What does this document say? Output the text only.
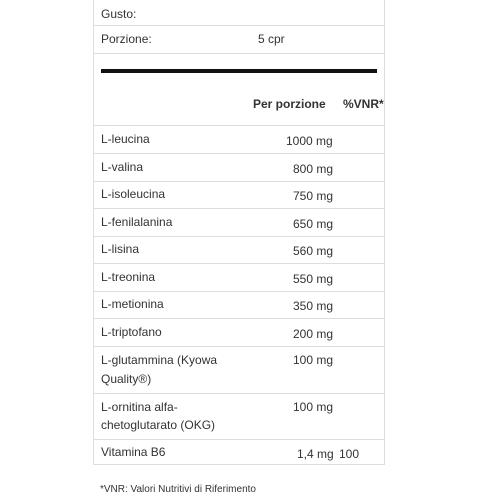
Gusto:
Porzione:	5 cpr
Per porzione %VNR*
L-leucina	1000 mg
L-valina	800 mg
L-isoleucina	750 mg
L-fenilalanina	650 mg
L-lisina	560 mg
L-treonina	550 mg
L-metionina	350 mg
L-triptofano	200 mg
L-glutammina (Kyowa
Quality®)
100 mg
L-ornitina alfa-
chetoglutarato (OKG)
100 mg
Vitamina B6	1,4 mg 100
*VNR: Valori Nutritivi di Riferimento
